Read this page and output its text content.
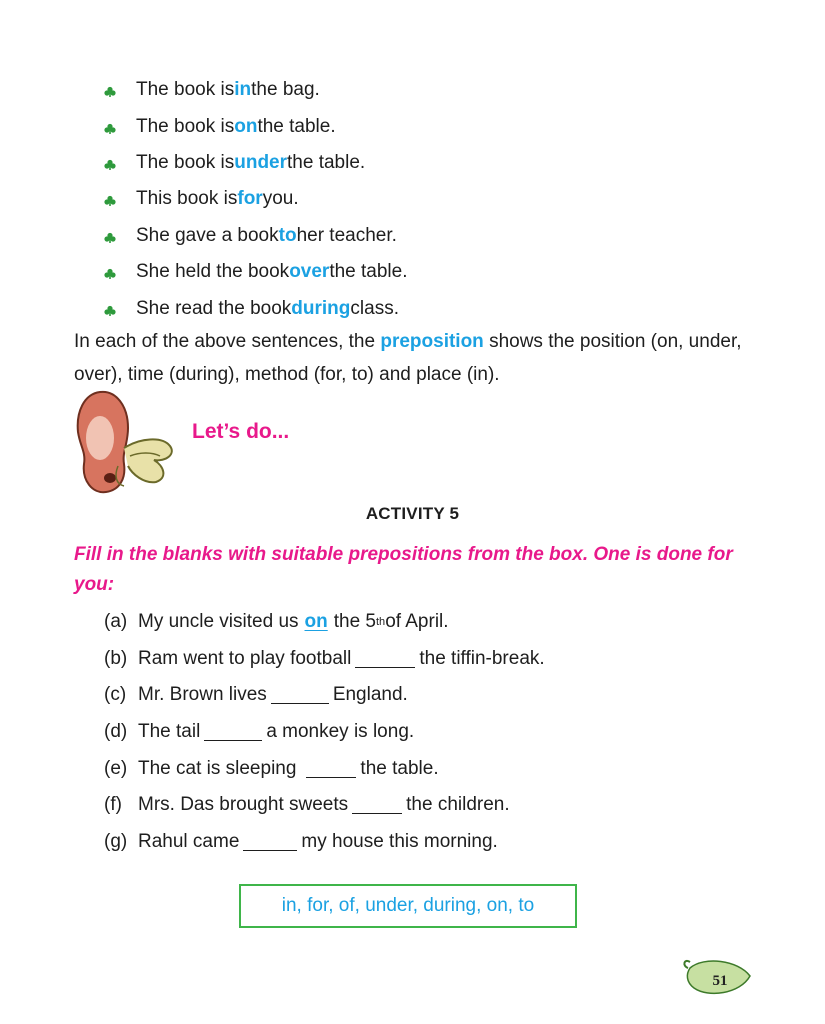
The book is in the bag.
The book is on the table.
The book is under the table.
This book is for you.
She gave a book to her teacher.
She held the book over the table.
She read the book during class.

In each of the above sentences, the preposition shows the position (on, under, over), time (during), method (for, to) and place (in).

Let’s do...
ACTIVITY 5

Fill in the blanks with suitable prepositions from the box. One is done for you:

(a) My uncle visited us on the 5 th of April.
(b) Ram went to play football	the tiffin-break.
(c) Mr. Brown lives	England.
(d) The tail	a monkey is long.
(e) The cat is sleeping	the table.
(f) Mrs. Das brought sweets	the children.
(g) Rahul came	my house this morning.
in, for, of, under, during, on, to
51
